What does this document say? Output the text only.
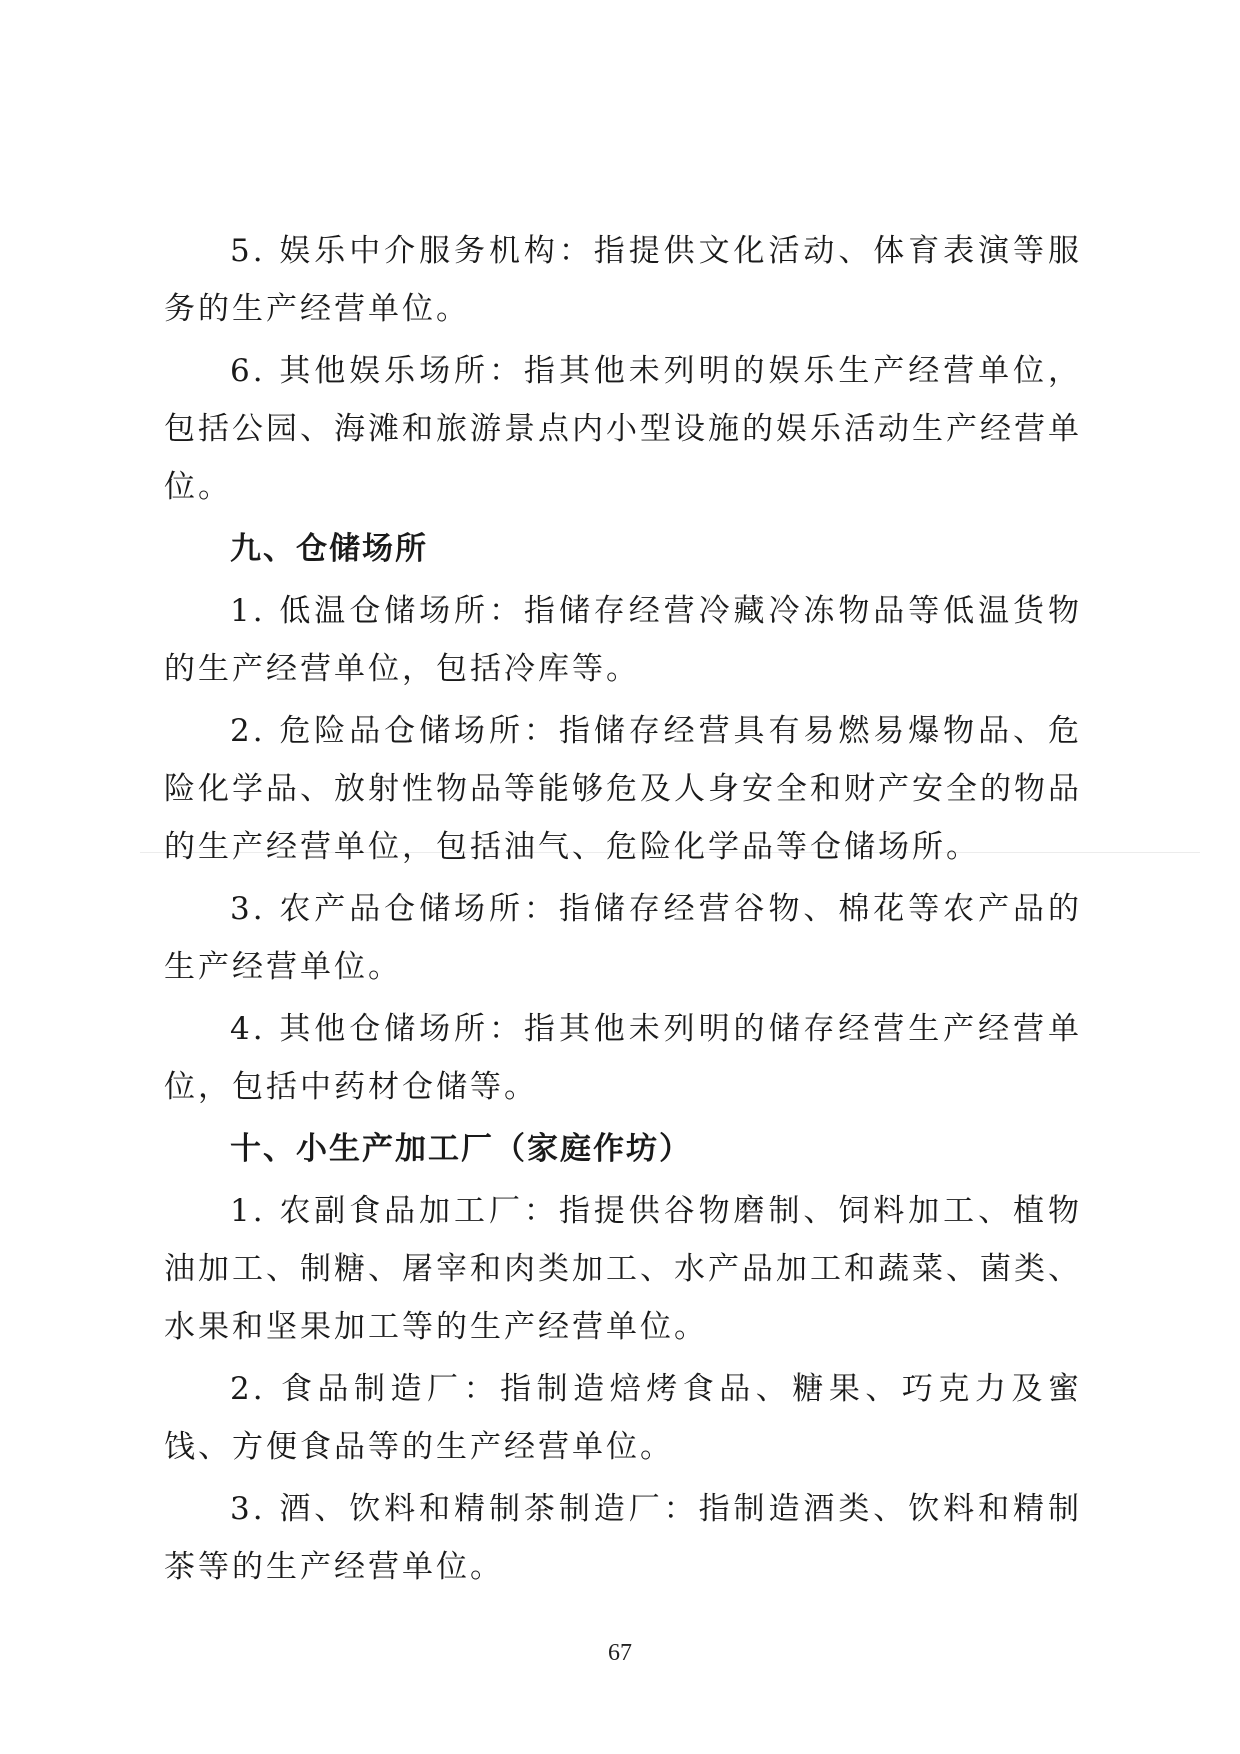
5. 娱乐中介服务机构：指提供文化活动、体育表演等服务的生产经营单位。

6. 其他娱乐场所：指其他未列明的娱乐生产经营单位，包括公园、海滩和旅游景点内小型设施的娱乐活动生产经营单位。

九、仓储场所

1. 低温仓储场所：指储存经营冷藏冷冻物品等低温货物的生产经营单位，包括冷库等。

2. 危险品仓储场所：指储存经营具有易燃易爆物品、危险化学品、放射性物品等能够危及人身安全和财产安全的物品的生产经营单位，包括油气、危险化学品等仓储场所。

3. 农产品仓储场所：指储存经营谷物、棉花等农产品的生产经营单位。

4. 其他仓储场所：指其他未列明的储存经营生产经营单位，包括中药材仓储等。

十、小生产加工厂（家庭作坊）

1. 农副食品加工厂：指提供谷物磨制、饲料加工、植物油加工、制糖、屠宰和肉类加工、水产品加工和蔬菜、菌类、水果和坚果加工等的生产经营单位。

2. 食品制造厂：指制造焙烤食品、糖果、巧克力及蜜饯、方便食品等的生产经营单位。

3. 酒、饮料和精制茶制造厂：指制造酒类、饮料和精制茶等的生产经营单位。

67
